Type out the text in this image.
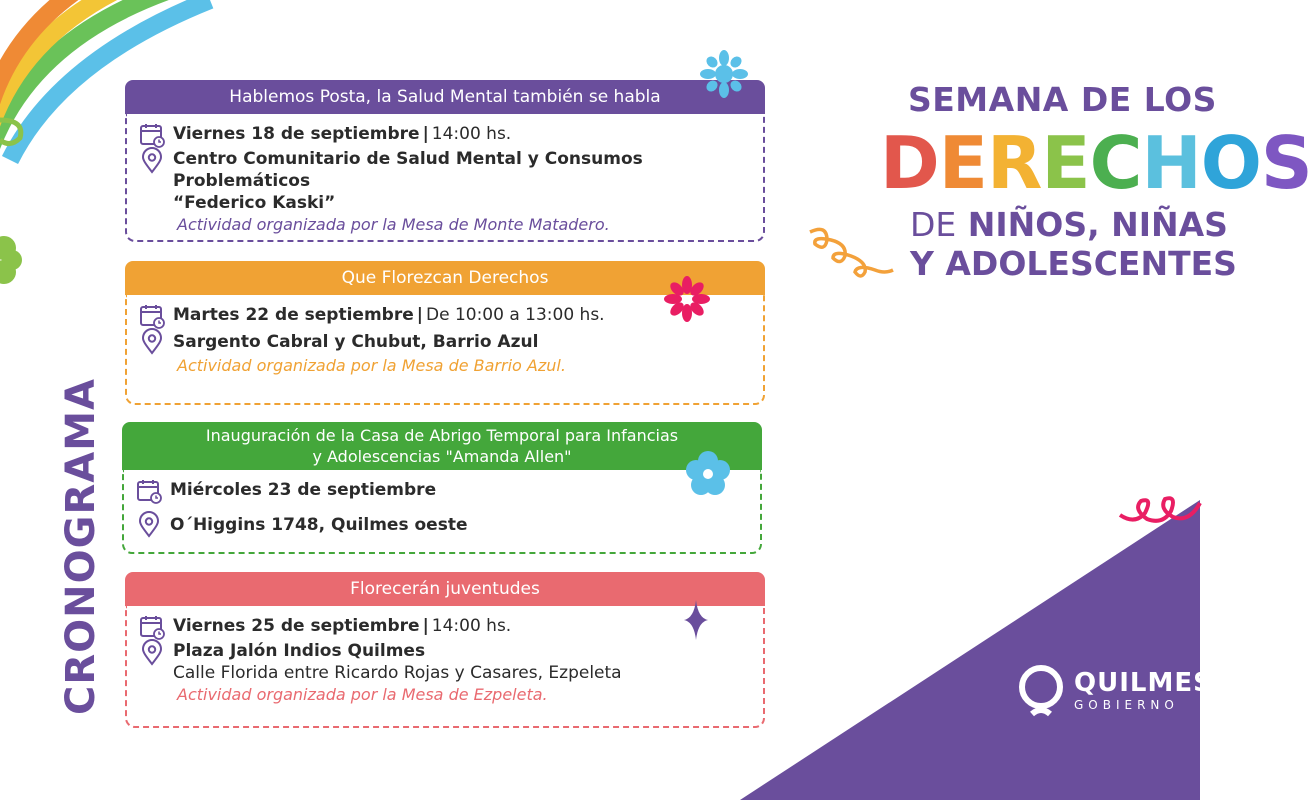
CRONOGRAMA
Hablemos Posta, la Salud Mental también se habla
Viernes 18 de septiembre | 14:00 hs.
Centro Comunitario de Salud Mental y Consumos Problemáticos
“Federico Kaski”
Actividad organizada por la Mesa de Monte Matadero.
Que Florezcan Derechos
Martes 22 de septiembre | De 10:00 a 13:00 hs.
Sargento Cabral y Chubut, Barrio Azul
Actividad organizada por la Mesa de Barrio Azul.
Inauguración de la Casa de Abrigo Temporal para Infancias
y Adolescencias "Amanda Allen"
Miércoles 23 de septiembre
O´Higgins 1748, Quilmes oeste
Florecerán juventudes
Viernes 25 de septiembre | 14:00 hs.
Plaza Jalón Indios Quilmes
Calle Florida entre Ricardo Rojas y Casares, Ezpeleta
Actividad organizada por la Mesa de Ezpeleta.
SEMANA DE LOS
DERECHOS
DE NIÑOS, NIÑAS
Y ADOLESCENTES
QUILMES
GOBIERNO
